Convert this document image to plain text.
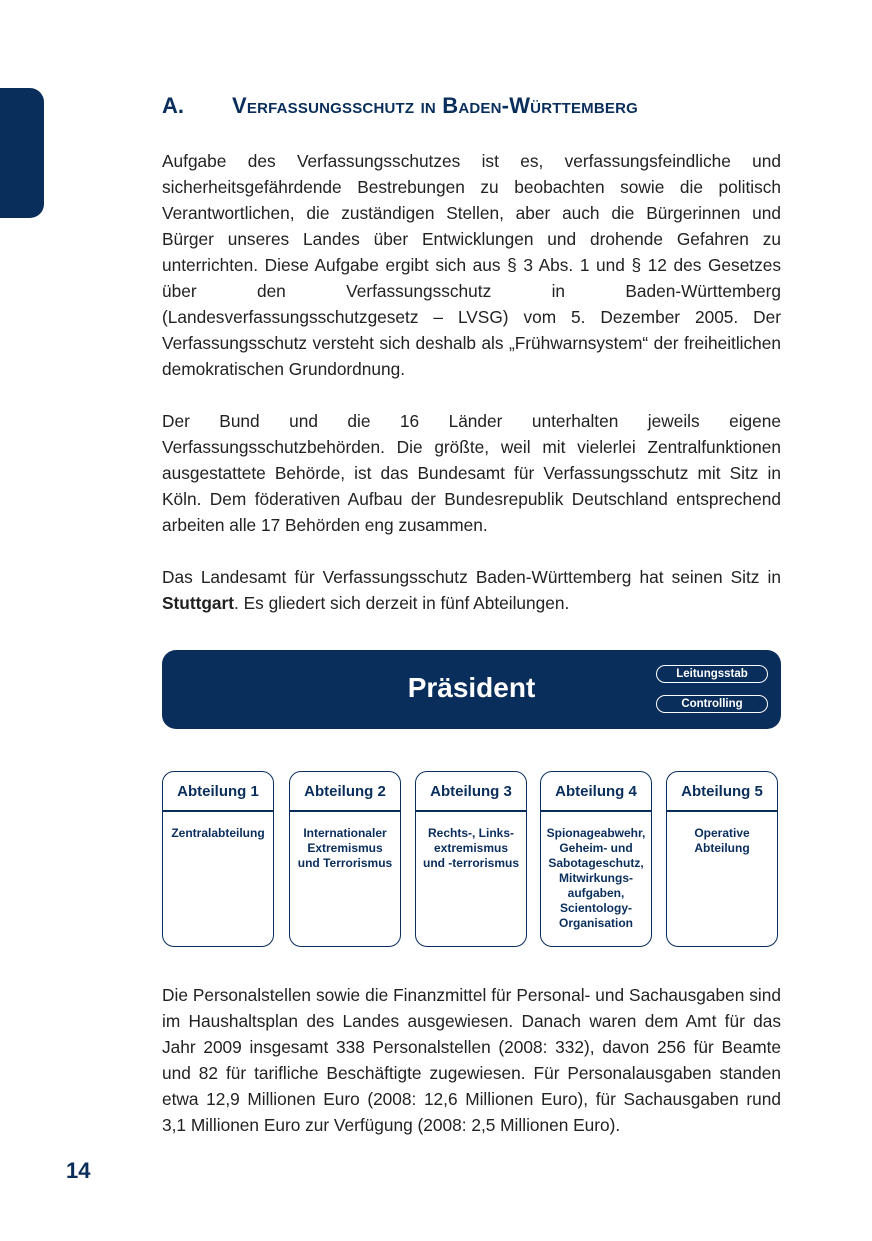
A. Verfassungsschutz in Baden-Württemberg

Aufgabe des Verfassungsschutzes ist es, verfassungsfeindliche und sicherheitsgefährdende Bestrebungen zu beobachten sowie die politisch Verantwortlichen, die zuständigen Stellen, aber auch die Bürgerinnen und Bürger unseres Landes über Entwicklungen und drohende Gefahren zu unterrichten. Diese Aufgabe ergibt sich aus § 3 Abs. 1 und § 12 des Gesetzes über den Verfassungsschutz in Baden-Württemberg (Landesverfassungsschutzgesetz – LVSG) vom 5. Dezember 2005. Der Verfassungsschutz versteht sich deshalb als „Frühwarnsystem“ der freiheitlichen demokratischen Grundordnung.

Der Bund und die 16 Länder unterhalten jeweils eigene Verfassungsschutzbehörden. Die größte, weil mit vielerlei Zentralfunktionen ausgestattete Behörde, ist das Bundesamt für Verfassungsschutz mit Sitz in Köln. Dem föderativen Aufbau der Bundesrepublik Deutschland entsprechend arbeiten alle 17 Behörden eng zusammen.

Das Landesamt für Verfassungsschutz Baden-Württemberg hat seinen Sitz in Stuttgart. Es gliedert sich derzeit in fünf Abteilungen.

Präsident	Leitungsstab
Controlling
Abteilung 1
Zentralabteilung
Abteilung 2
Internationaler
Extremismus
und Terrorismus
Abteilung 3
Rechts-, Links-
extremismus
und -terrorismus
Abteilung 4
Spionageabwehr,
Geheim- und
Sabotageschutz,
Mitwirkungs-
aufgaben,
Scientology-
Organisation
Abteilung 5
Operative
Abteilung

Die Personalstellen sowie die Finanzmittel für Personal- und Sachausgaben sind im Haushaltsplan des Landes ausgewiesen. Danach waren dem Amt für das Jahr 2009 insgesamt 338 Personalstellen (2008: 332), davon 256 für Beamte und 82 für tarifliche Beschäftigte zugewiesen. Für Personalausgaben standen etwa 12,9 Millionen Euro (2008: 12,6 Millionen Euro), für Sachausgaben rund 3,1 Millionen Euro zur Verfügung (2008: 2,5 Millionen Euro).

14
